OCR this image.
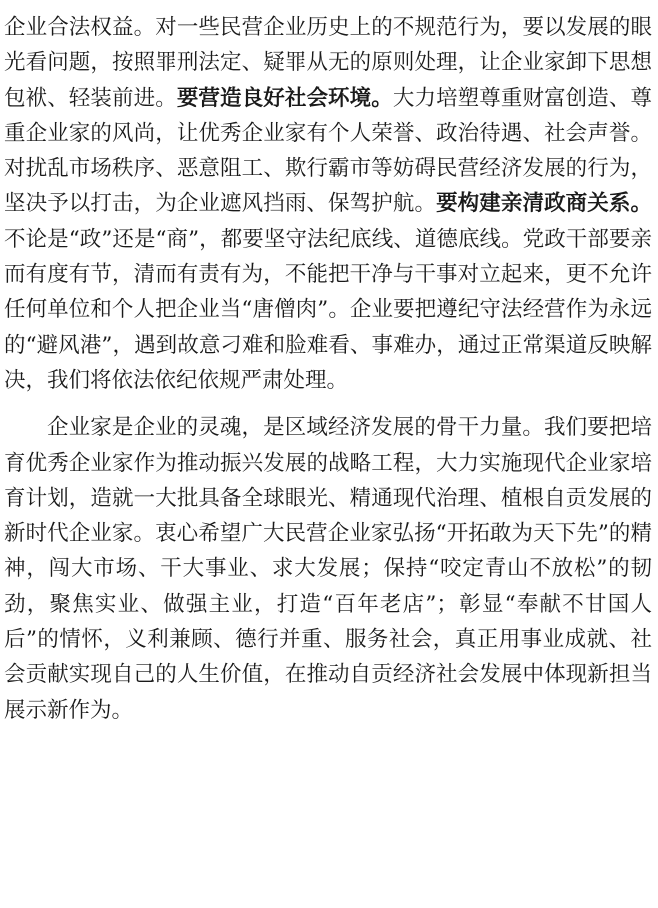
企业合法权益。对一些民营企业历史上的不规范行为，要以发展的眼光看问题，按照罪刑法定、疑罪从无的原则处理，让企业家卸下思想包袱、轻装前进。要营造良好社会环境。大力培塑尊重财富创造、尊重企业家的风尚，让优秀企业家有个人荣誉、政治待遇、社会声誉。对扰乱市场秩序、恶意阻工、欺行霸市等妨碍民营经济发展的行为，坚决予以打击，为企业遮风挡雨、保驾护航。要构建亲清政商关系。不论是“政”还是“商”，都要坚守法纪底线、道德底线。党政干部要亲而有度有节，清而有责有为，不能把干净与干事对立起来，更不允许任何单位和个人把企业当“唐僧肉”。企业要把遵纪守法经营作为永远的“避风港”，遇到故意刁难和脸难看、事难办，通过正常渠道反映解决，我们将依法依纪依规严肃处理。

企业家是企业的灵魂，是区域经济发展的骨干力量。我们要把培育优秀企业家作为推动振兴发展的战略工程，大力实施现代企业家培育计划，造就一大批具备全球眼光、精通现代治理、植根自贡发展的新时代企业家。衷心希望广大民营企业家弘扬“开拓敢为天下先”的精神，闯大市场、干大事业、求大发展；保持“咬定青山不放松”的韧劲，聚焦实业、做强主业，打造“百年老店”；彰显“奉献不甘国人后”的情怀，义利兼顾、德行并重、服务社会，真正用事业成就、社会贡献实现自己的人生价值，在推动自贡经济社会发展中体现新担当展示新作为。
